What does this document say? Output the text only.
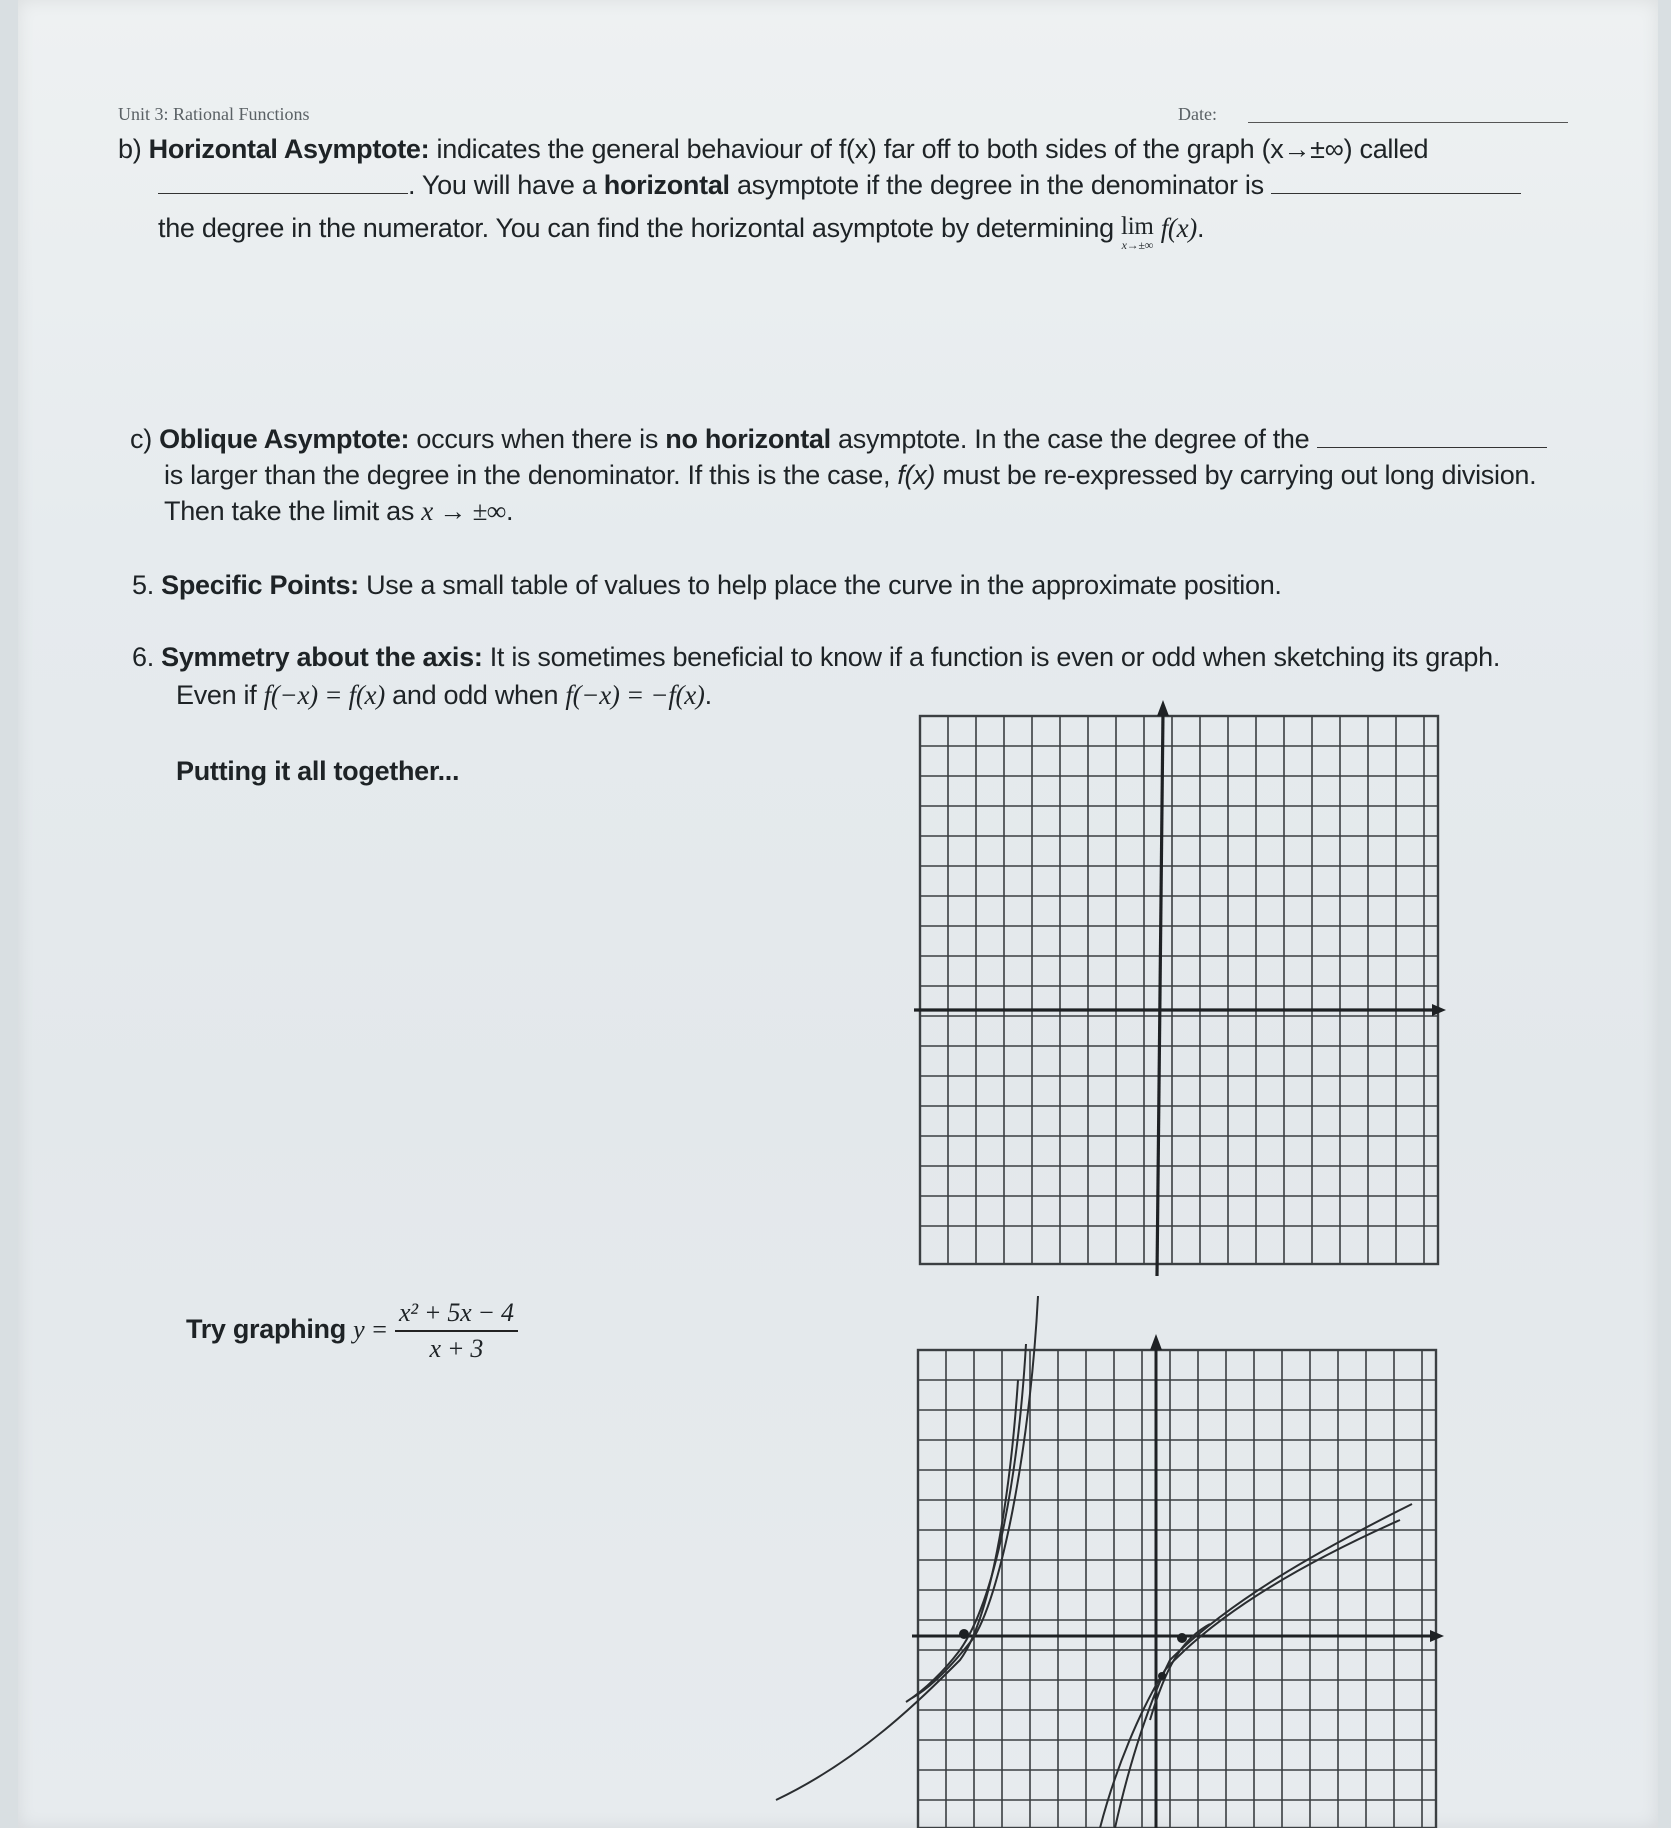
Unit 3: Rational Functions	Date:
b) Horizontal Asymptote: indicates the general behaviour of f(x) far off to both sides of the graph (x→±∞) called
. You will have a horizontal asymptote if the degree in the denominator is
the degree in the numerator. You can find the horizontal asymptote by determining lim
x→±∞
f(x).
c) Oblique Asymptote: occurs when there is no horizontal asymptote. In the case the degree of the
is larger than the degree in the denominator. If this is the case, f(x) must be re-expressed by carrying out long division.
Then take the limit as x → ±∞.
5. Specific Points: Use a small table of values to help place the curve in the approximate position.
6. Symmetry about the axis: It is sometimes beneficial to know if a function is even or odd when sketching its graph.
Even if f(−x) = f(x) and odd when f(−x) = −f(x).
Putting it all together...
Try graphing $y = \frac{\text{x² + 5x − 4}}{x + 3}$
